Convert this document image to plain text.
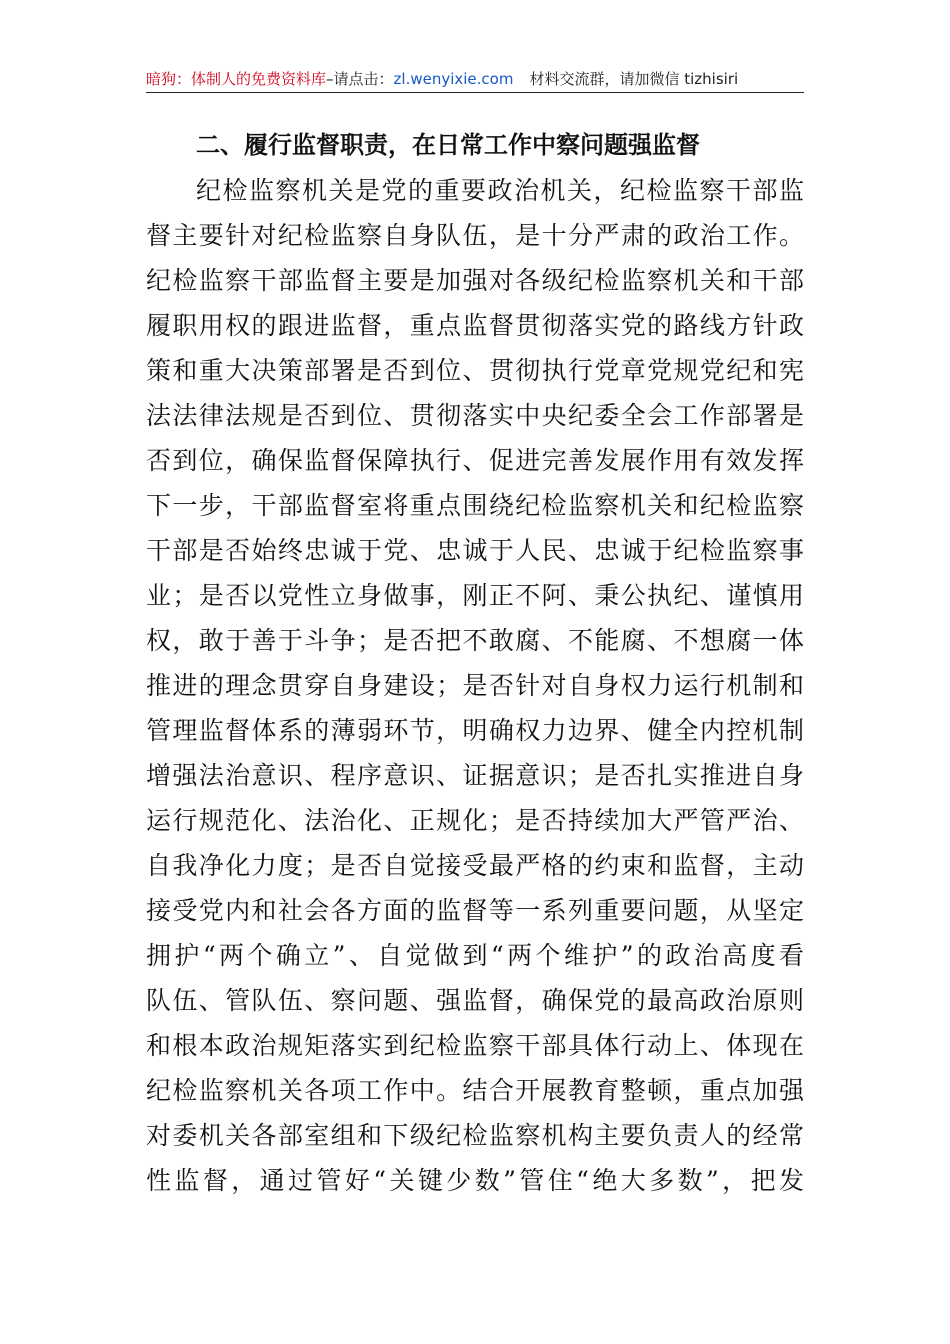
暗狗：体制人的免费资料库–请点击：zl.wenyixie.com 材料交流群，请加微信 tizhisiri
二、履行监督职责，在日常工作中察问题强监督
纪检监察机关是党的重要政治机关，纪检监察干部监
督主要针对纪检监察自身队伍，是十分严肃的政治工作。
纪检监察干部监督主要是加强对各级纪检监察机关和干部
履职用权的跟进监督，重点监督贯彻落实党的路线方针政
策和重大决策部署是否到位、贯彻执行党章党规党纪和宪
法法律法规是否到位、贯彻落实中央纪委全会工作部署是
否到位，确保监督保障执行、促进完善发展作用有效发挥
下一步，干部监督室将重点围绕纪检监察机关和纪检监察
干部是否始终忠诚于党、忠诚于人民、忠诚于纪检监察事
业；是否以党性立身做事，刚正不阿、秉公执纪、谨慎用
权，敢于善于斗争；是否把不敢腐、不能腐、不想腐一体
推进的理念贯穿自身建设；是否针对自身权力运行机制和
管理监督体系的薄弱环节，明确权力边界、健全内控机制
增强法治意识、程序意识、证据意识；是否扎实推进自身
运行规范化、法治化、正规化；是否持续加大严管严治、
自我净化力度；是否自觉接受最严格的约束和监督，主动
接受党内和社会各方面的监督等一系列重要问题，从坚定
拥护“两个确立”、自觉做到“两个维护”的政治高度看
队伍、管队伍、察问题、强监督，确保党的最高政治原则
和根本政治规矩落实到纪检监察干部具体行动上、体现在
纪检监察机关各项工作中。结合开展教育整顿，重点加强
对委机关各部室组和下级纪检监察机构主要负责人的经常
性监督，通过管好“关键少数”管住“绝大多数”，把发
